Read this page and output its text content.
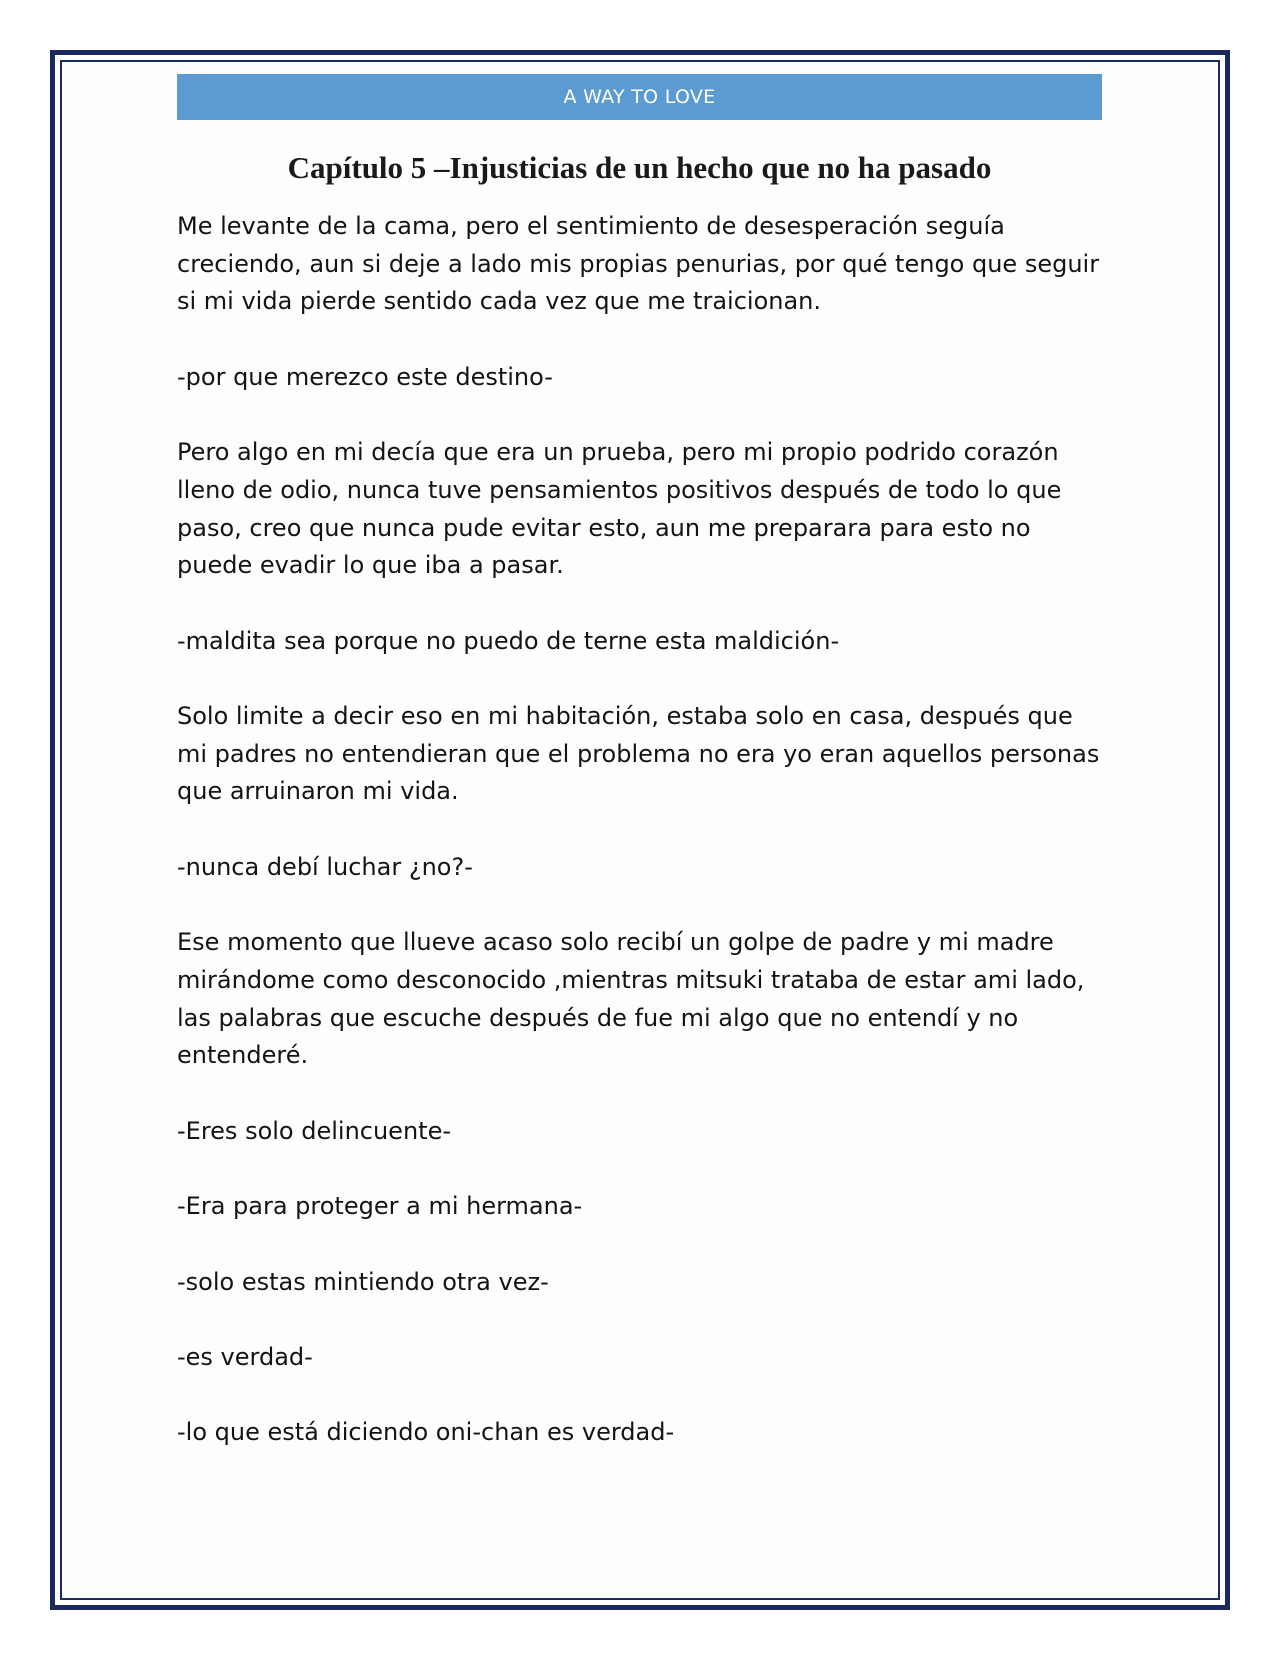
A WAY TO LOVE
Capítulo 5 –Injusticias de un hecho que no ha pasado

Me levante de la cama, pero el sentimiento de desesperación seguía creciendo, aun si deje a lado mis propias penurias, por qué tengo que seguir si mi vida pierde sentido cada vez que me traicionan.

-por que merezco este destino-

Pero algo en mi decía que era un prueba, pero mi propio podrido corazón lleno de odio, nunca tuve pensamientos positivos después de todo lo que paso, creo que nunca pude evitar esto, aun me preparara para esto no puede evadir lo que iba a pasar.

-maldita sea porque no puedo de terne esta maldición-

Solo limite a decir eso en mi habitación, estaba solo en casa, después que mi padres no entendieran que el problema no era yo eran aquellos personas que arruinaron mi vida.

-nunca debí luchar ¿no?-

Ese momento que llueve acaso solo recibí un golpe de padre y mi madre mirándome como desconocido ,mientras mitsuki trataba de estar ami lado, las palabras que escuche después de fue mi algo que no entendí y no entenderé.

-Eres solo delincuente-

-Era para proteger a mi hermana-

-solo estas mintiendo otra vez-

-es verdad-

-lo que está diciendo oni-chan es verdad-
